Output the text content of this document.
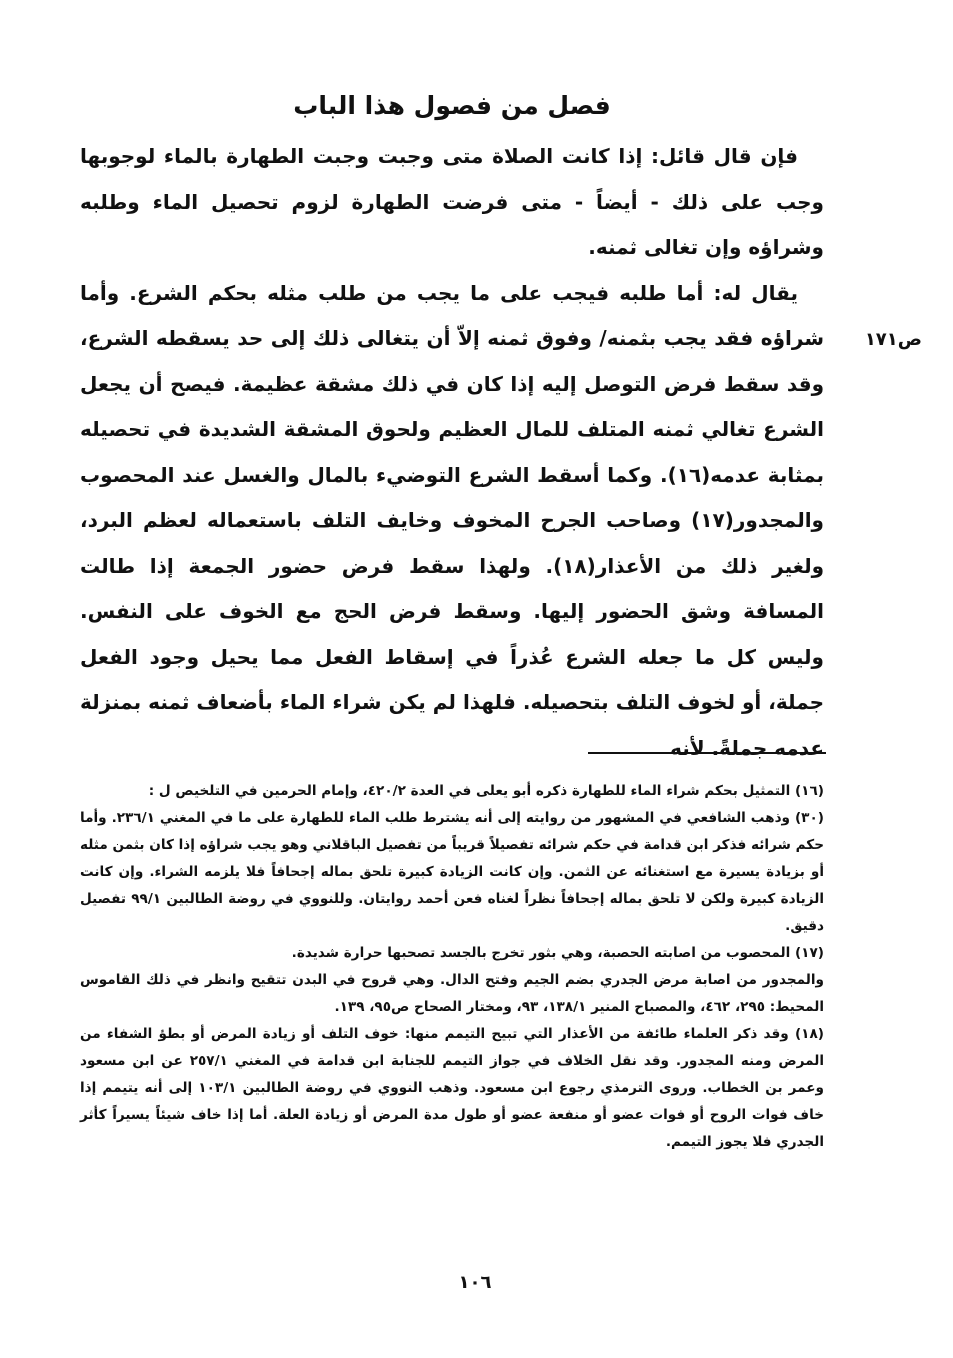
فصل من فصول هذا الباب
ص١٧١

فإن قال قائل: إذا كانت الصلاة متى وجبت وجبت الطهارة بالماء لوجوبها وجب على ذلك - أيضاً - متى فرضت الطهارة لزوم تحصيل الماء وطلبه وشراؤه وإن تغالى ثمنه.

يقال له: أما طلبه فيجب على ما يجب من طلب مثله بحكم الشرع. وأما شراؤه فقد يجب بثمنه/ وفوق ثمنه إلاّ أن يتغالى ذلك إلى حد يسقطه الشرع، وقد سقط فرض التوصل إليه إذا كان في ذلك مشقة عظيمة. فيصح أن يجعل الشرع تغالي ثمنه المتلف للمال العظيم ولحوق المشقة الشديدة في تحصيله بمثابة عدمه(١٦). وكما أسقط الشرع التوضيء بالمال والغسل عند المحصوب والمجدور(١٧) وصاحب الجرح المخوف وخايف التلف باستعماله لعظم البرد، ولغير ذلك من الأعذار(١٨). ولهذا سقط فرض حضور الجمعة إذا طالت المسافة وشق الحضور إليها. وسقط فرض الحج مع الخوف على النفس. وليس كل ما جعله الشرع عُذراً في إسقاط الفعل مما يحيل وجود الفعل جملة، أو لخوف التلف بتحصيله. فلهذا لم يكن شراء الماء بأضعاف ثمنه بمنزلة عدمه جملةً. لأنه

(١٦) التمثيل بحكم شراء الماء للطهارة ذكره أبو يعلى في العدة ٤٢٠/٢، وإمام الحرمين في التلخيص ل :

(٣٠) وذهب الشافعي في المشهور من روايته إلى أنه يشترط طلب الماء للطهارة على ما في المغني ٢٣٦/١. وأما حكم شرائه فذكر ابن قدامة في حكم شرائه تفصيلاً قريباً من تفصيل الباقلاني وهو يجب شراؤه إذا كان بثمن مثله أو بزيادة يسيرة مع استغنائه عن الثمن. وإن كانت الزيادة كبيرة تلحق بماله إجحافاً فلا يلزمه الشراء. وإن كانت الزيادة كبيرة ولكن لا تلحق بماله إجحافاً نظراً لغناه فعن أحمد روايتان. وللنووي في روضة الطالبين ٩٩/١ تفصيل دقيق.

(١٧) المحصوب من اصابته الحصبة، وهي بثور تخرج بالجسد تصحبها حرارة شديدة.

والمجدور من اصابة مرض الجدري بضم الجيم وفتح الدال. وهي قروح في البدن تتقيح وانظر في ذلك القاموس المحيط: ٢٩٥، ٤٦٢، والمصباح المنير ١٣٨/١، ٩٣، ومختار الصحاح ص٩٥، ١٣٩.

(١٨) وقد ذكر العلماء طائفة من الأعذار التي تبيح التيمم منها: خوف التلف أو زيادة المرض أو بطؤ الشفاء من المرض ومنه المجدور. وقد نقل الخلاف في جواز التيمم للجنابة ابن قدامة في المغني ٢٥٧/١ عن ابن مسعود وعمر بن الخطاب. وروى الترمذي رجوع ابن مسعود. وذهب النووي في روضة الطالبين ١٠٣/١ إلى أنه يتيمم إذا خاف فوات الروح أو فوات عضو أو منفعة عضو أو طول مدة المرض أو زيادة العلة. أما إذا خاف شيئاً يسيراً كأثر الجدري فلا يجوز التيمم.

١٠٦
